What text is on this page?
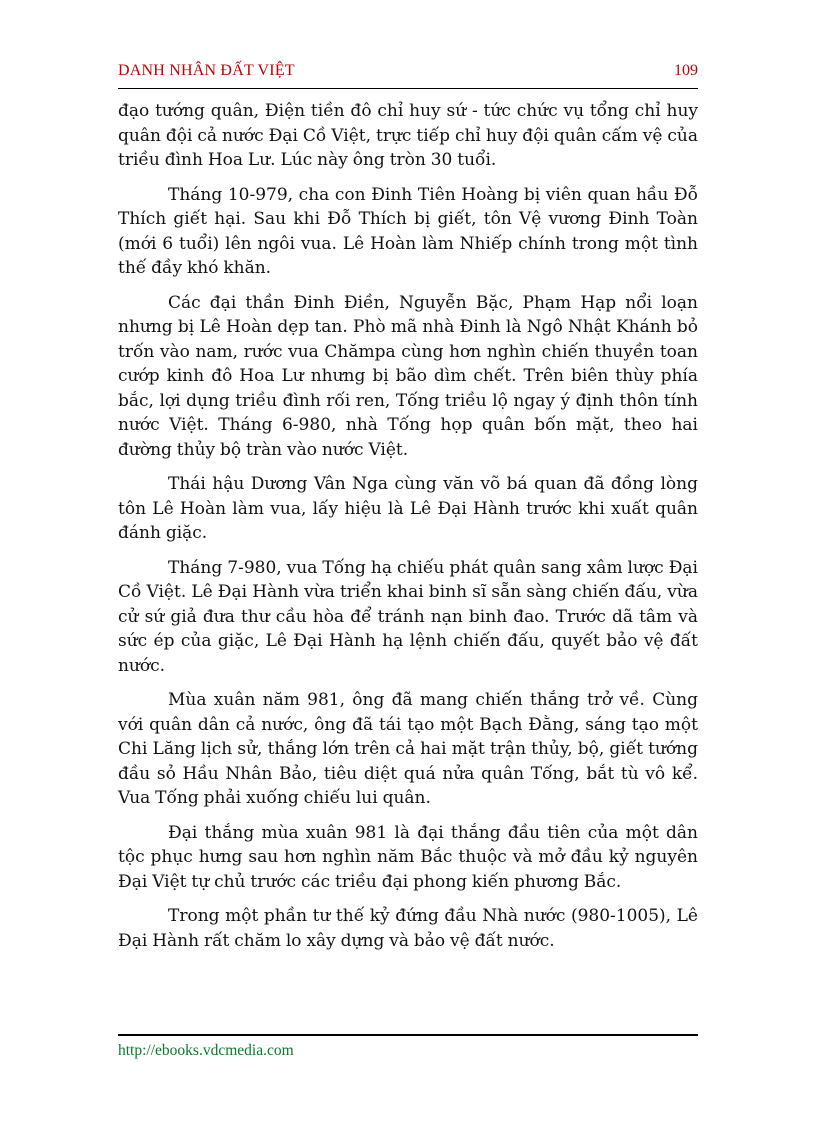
DANH NHÂN ĐẤT VIỆT	109

đạo tướng quân, Điện tiền đô chỉ huy sứ - tức chức vụ tổng chỉ huy quân đội cả nước Đại Cồ Việt, trực tiếp chỉ huy đội quân cấm vệ của triều đình Hoa Lư. Lúc này ông tròn 30 tuổi.

Tháng 10-979, cha con Đinh Tiên Hoàng bị viên quan hầu Đỗ Thích giết hại. Sau khi Đỗ Thích bị giết, tôn Vệ vương Đinh Toàn (mới 6 tuổi) lên ngôi vua. Lê Hoàn làm Nhiếp chính trong một tình thế đầy khó khăn.

Các đại thần Đinh Điền, Nguyễn Bặc, Phạm Hạp nổi loạn nhưng bị Lê Hoàn dẹp tan. Phò mã nhà Đinh là Ngô Nhật Khánh bỏ trốn vào nam, rước vua Chămpa cùng hơn nghìn chiến thuyền toan cướp kinh đô Hoa Lư nhưng bị bão dìm chết. Trên biên thùy phía bắc, lợi dụng triều đình rối ren, Tống triều lộ ngay ý định thôn tính nước Việt. Tháng 6-980, nhà Tống họp quân bốn mặt, theo hai đường thủy bộ tràn vào nước Việt.

Thái hậu Dương Vân Nga cùng văn võ bá quan đã đồng lòng tôn Lê Hoàn làm vua, lấy hiệu là Lê Đại Hành trước khi xuất quân đánh giặc.

Tháng 7-980, vua Tống hạ chiếu phát quân sang xâm lược Đại Cồ Việt. Lê Đại Hành vừa triển khai binh sĩ sẵn sàng chiến đấu, vừa cử sứ giả đưa thư cầu hòa để tránh nạn binh đao. Trước dã tâm và sức ép của giặc, Lê Đại Hành hạ lệnh chiến đấu, quyết bảo vệ đất nước.

Mùa xuân năm 981, ông đã mang chiến thắng trở về. Cùng với quân dân cả nước, ông đã tái tạo một Bạch Đằng, sáng tạo một Chi Lăng lịch sử, thắng lớn trên cả hai mặt trận thủy, bộ, giết tướng đầu sỏ Hầu Nhân Bảo, tiêu diệt quá nửa quân Tống, bắt tù vô kể. Vua Tống phải xuống chiếu lui quân.

Đại thắng mùa xuân 981 là đại thắng đầu tiên của một dân tộc phục hưng sau hơn nghìn năm Bắc thuộc và mở đầu kỷ nguyên Đại Việt tự chủ trước các triều đại phong kiến phương Bắc.

Trong một phần tư thế kỷ đứng đầu Nhà nước (980-1005), Lê Đại Hành rất chăm lo xây dựng và bảo vệ đất nước.

http://ebooks.vdcmedia.com
